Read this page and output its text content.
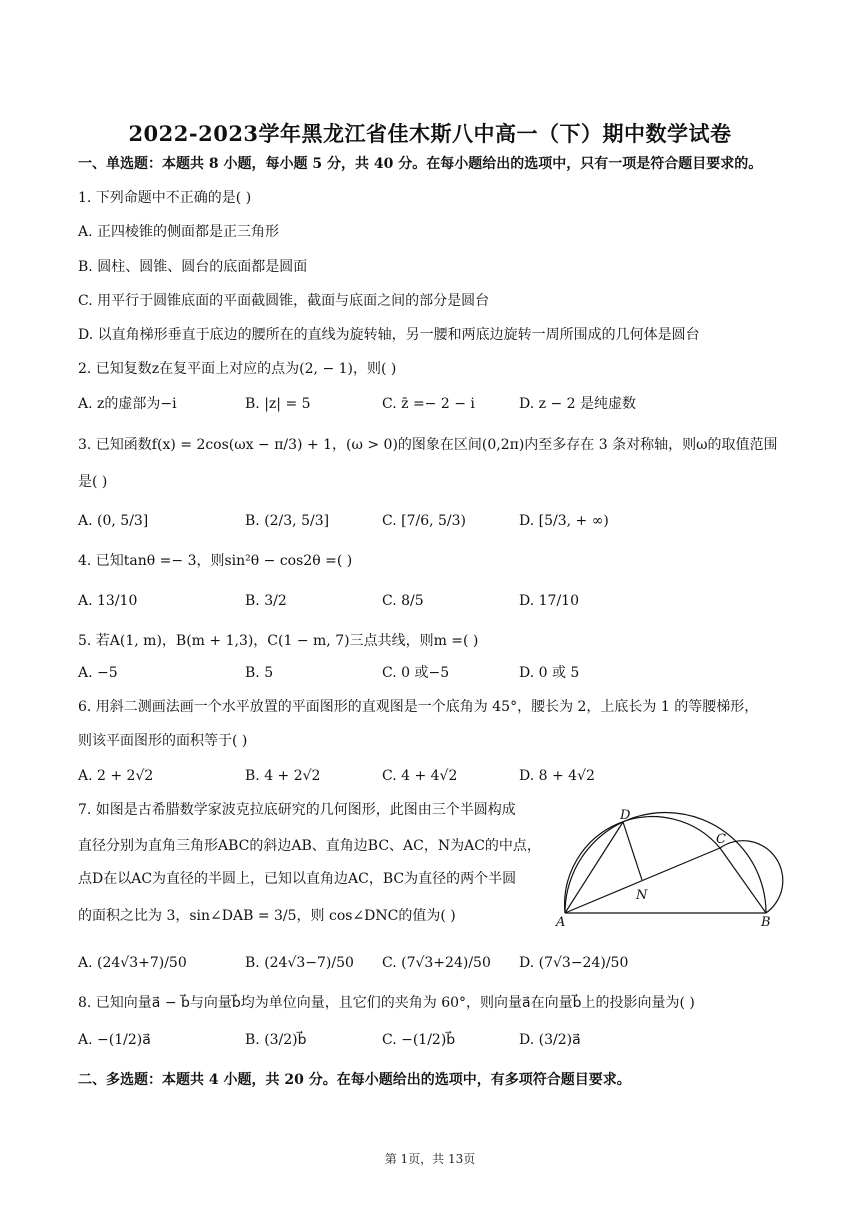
2022-2023学年黑龙江省佳木斯八中高一（下）期中数学试卷
一、单选题：本题共 8 小题，每小题 5 分，共 40 分。在每小题给出的选项中，只有一项是符合题目要求的。
1. 下列命题中不正确的是( )
A. 正四棱锥的侧面都是正三角形
B. 圆柱、圆锥、圆台的底面都是圆面
C. 用平行于圆锥底面的平面截圆锥，截面与底面之间的部分是圆台
D. 以直角梯形垂直于底边的腰所在的直线为旋转轴，另一腰和两底边旋转一周所围成的几何体是圆台
2. 已知复数z在复平面上对应的点为(2, − 1)，则( )
A. z的虚部为−i	B. |z| = 5	C. z̄ =− 2 − i	D. z − 2 是纯虚数
3. 已知函数f(x) = 2cos(ωx − π/3) + 1，(ω > 0)的图象在区间(0,2π)内至多存在 3 条对称轴，则ω的取值范围
是( )
A. (0, 5/3]	B. (2/3, 5/3]	C. [7/6, 5/3)	D. [5/3, + ∞)
4. 已知tanθ =− 3，则sin²θ − cos2θ =( )
A. 13/10	B. 3/2	C. 8/5	D. 17/10
5. 若A(1, m)，B(m + 1,3)，C(1 − m, 7)三点共线，则m =( )
A. −5	B. 5	C. 0 或−5	D. 0 或 5
6. 用斜二测画法画一个水平放置的平面图形的直观图是一个底角为 45°，腰长为 2，上底长为 1 的等腰梯形，
则该平面图形的面积等于( )
A. 2 + 2√2	B. 4 + 2√2	C. 4 + 4√2	D. 8 + 4√2
7. 如图是古希腊数学家波克拉底研究的几何图形，此图由三个半圆构成
直径分别为直角三角形ABC的斜边AB、直角边BC、AC，N为AC的中点，
点D在以AC为直径的半圆上，已知以直角边AC，BC为直径的两个半圆
的面积之比为 3，sin∠DAB = 3/5，则 cos∠DNC的值为( )
D
C
N
A	B
A. (24√3+7)/50	B. (24√3−7)/50 C. (7√3+24)/50 D. (7√3−24)/50
8. 已知向量a⃗ − b⃗与向量b⃗均为单位向量，且它们的夹角为 60°，则向量a⃗在向量b⃗上的投影向量为( )
A. −(1/2)a⃗	B. (3/2)b⃗	C. −(1/2)b⃗	D. (3/2)a⃗
二、多选题：本题共 4 小题，共 20 分。在每小题给出的选项中，有多项符合题目要求。
第 1页，共 13页
